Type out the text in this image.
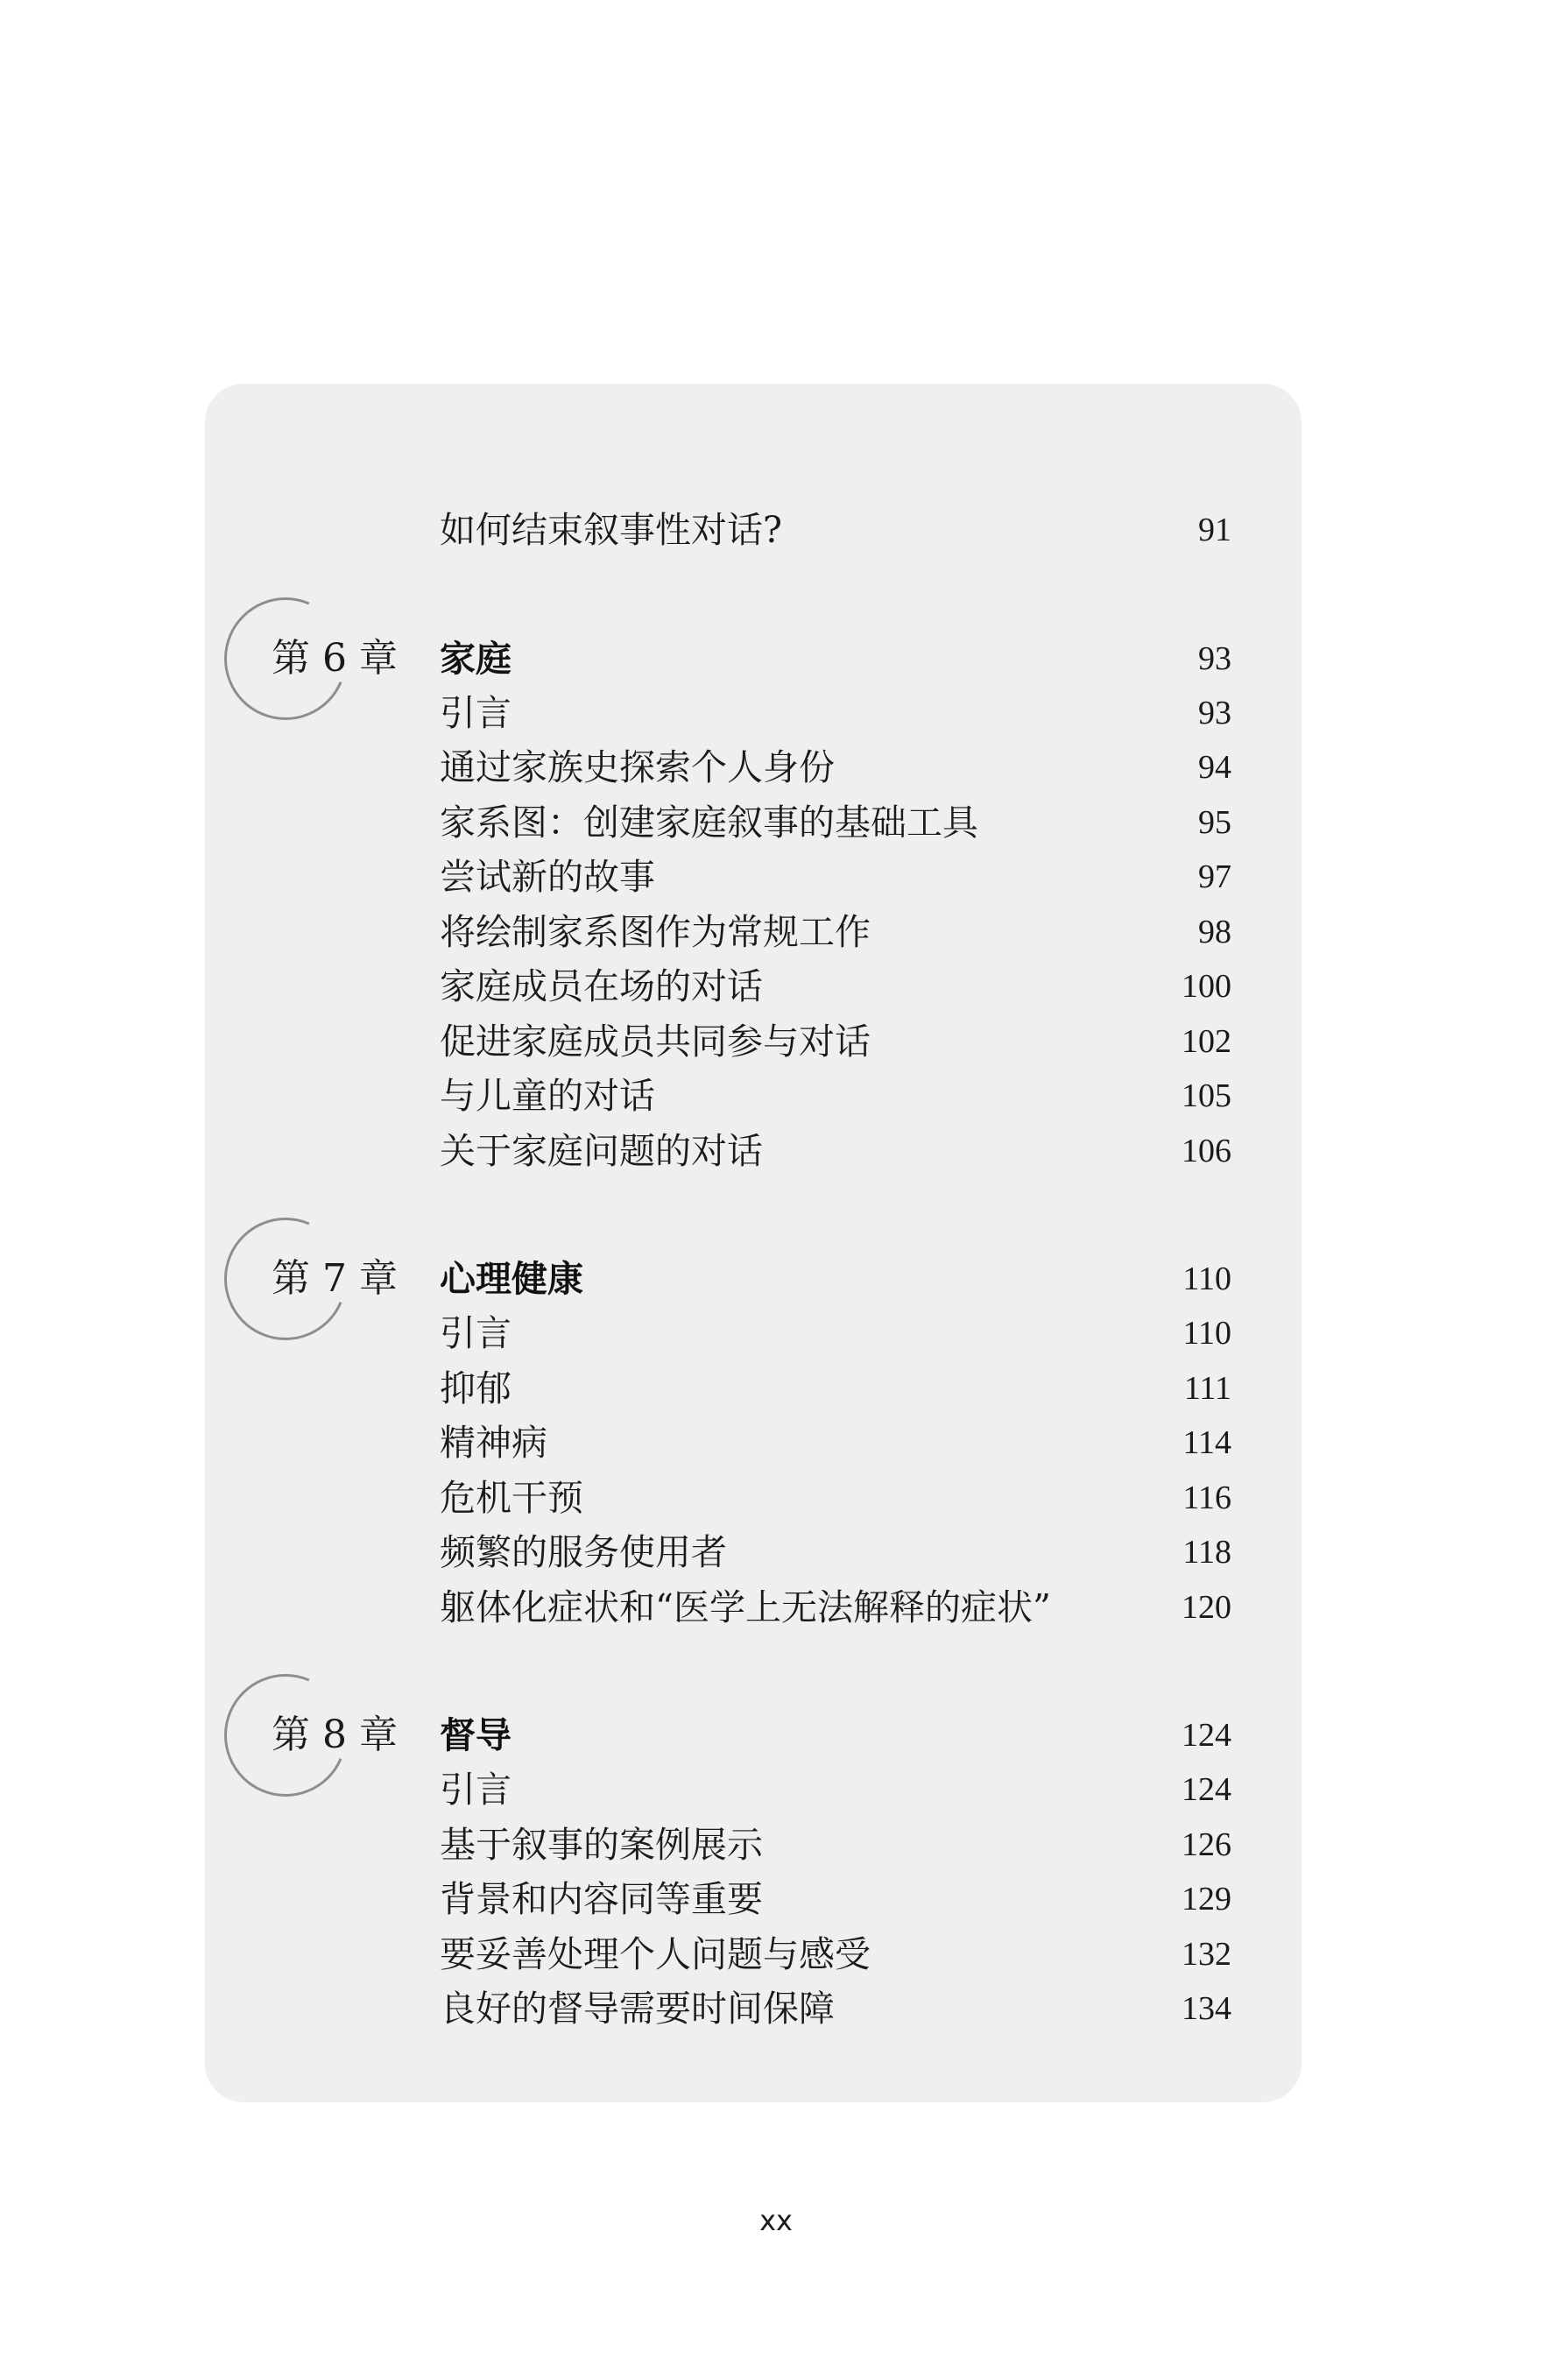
如何结束叙事性对话?	91
第 6 章 家庭	93
引言	93
通过家族史探索个人身份	94
家系图：创建家庭叙事的基础工具	95
尝试新的故事	97
将绘制家系图作为常规工作	98
家庭成员在场的对话	100
促进家庭成员共同参与对话	102
与儿童的对话	105
关于家庭问题的对话	106
第 7 章 心理健康	110
引言	110
抑郁	111
精神病	114
危机干预	116
频繁的服务使用者	118
躯体化症状和“医学上无法解释的症状”	120
第 8 章 督导	124
引言	124
基于叙事的案例展示	126
背景和内容同等重要	129
要妥善处理个人问题与感受	132
良好的督导需要时间保障	134
xx
